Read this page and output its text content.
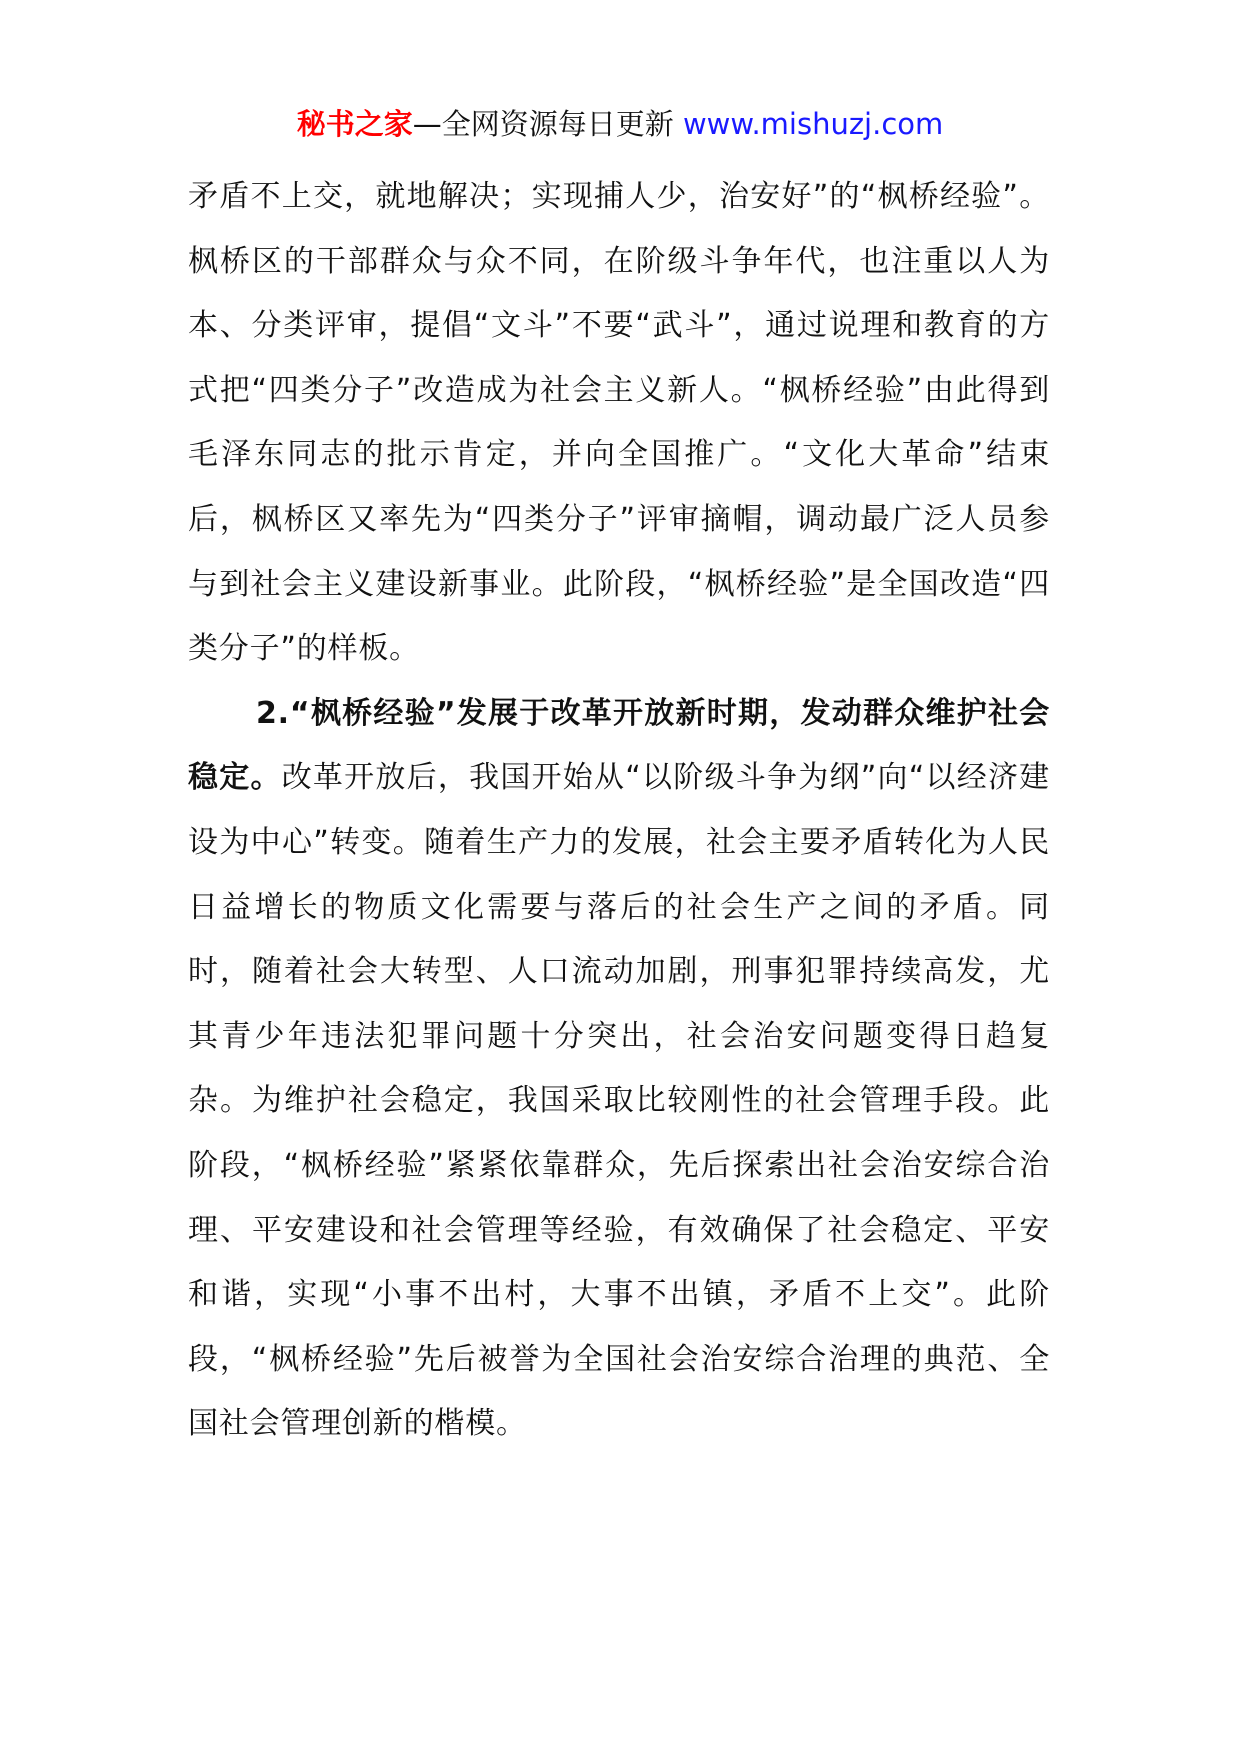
秘书之家—全网资源每日更新 www.mishuzj.com

矛盾不上交，就地解决；实现捕人少，治安好”的“枫桥经验”。枫桥区的干部群众与众不同，在阶级斗争年代，也注重以人为本、分类评审，提倡“文斗”不要“武斗”，通过说理和教育的方式把“四类分子”改造成为社会主义新人。“枫桥经验”由此得到毛泽东同志的批示肯定，并向全国推广。“文化大革命”结束后，枫桥区又率先为“四类分子”评审摘帽，调动最广泛人员参与到社会主义建设新事业。此阶段，“枫桥经验”是全国改造“四类分子”的样板。

2.“枫桥经验”发展于改革开放新时期，发动群众维护社会稳定。改革开放后，我国开始从“以阶级斗争为纲”向“以经济建设为中心”转变。随着生产力的发展，社会主要矛盾转化为人民日益增长的物质文化需要与落后的社会生产之间的矛盾。同时，随着社会大转型、人口流动加剧，刑事犯罪持续高发，尤其青少年违法犯罪问题十分突出，社会治安问题变得日趋复杂。为维护社会稳定，我国采取比较刚性的社会管理手段。此阶段，“枫桥经验”紧紧依靠群众，先后探索出社会治安综合治理、平安建设和社会管理等经验，有效确保了社会稳定、平安和谐，实现“小事不出村，大事不出镇，矛盾不上交”。此阶段，“枫桥经验”先后被誉为全国社会治安综合治理的典范、全国社会管理创新的楷模。
